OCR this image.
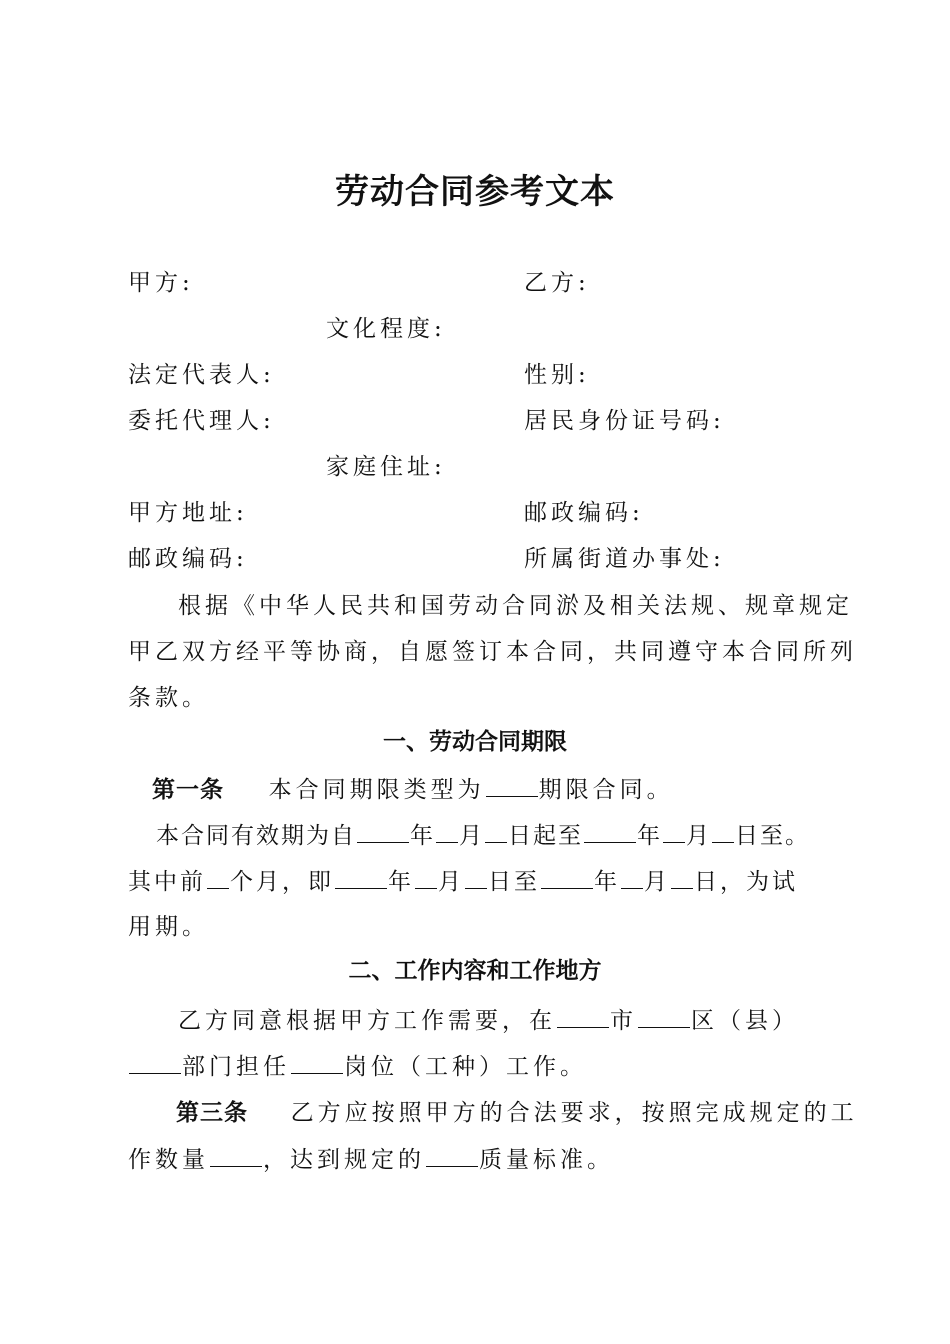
劳动合同参考文本
甲方:	乙方:
文化程度:
法定代表人:	性别:
委托代理人:	居民身份证号码:
家庭住址:
甲方地址:	邮政编码:
邮政编码:	所属街道办事处:
根据《中华人民共和国劳动合同淤及相关法规、规章规定
甲乙双方经平等协商，自愿签订本合同，共同遵守本合同所列
条款。
一、劳动合同期限
第一条 本合同期限类型为 期限合同。
本合同有效期为自 年 月 日起至 年 月 日至。
其中前 个月，即 年 月 日至 年 月 日，为试
用期。
二、工作内容和工作地方
乙方同意根据甲方工作需要，在 市 区（县）
部门担任 岗位（工种）工作。
第三条 乙方应按照甲方的合法要求，按照完成规定的工
作数量 ，达到规定的 质量标准。
